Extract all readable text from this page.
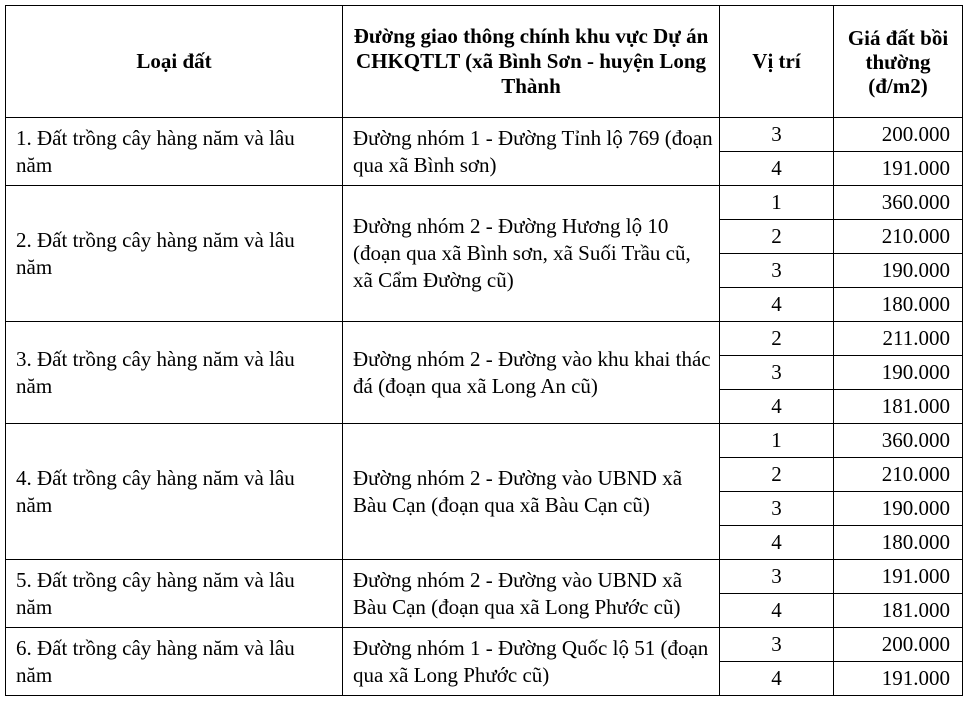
Loại đất	Đường giao thông chính khu vực Dự án CHKQTLT (xã Bình Sơn - huyện Long Thành	Vị trí	Giá đất bồi thường (đ/m2)
1. Đất trồng cây hàng năm và lâu năm	Đường nhóm 1 - Đường Tỉnh lộ 769 (đoạn qua xã Bình sơn)	3	200.000
		4	191.000
2. Đất trồng cây hàng năm và lâu năm	Đường nhóm 2 - Đường Hương lộ 10 (đoạn qua xã Bình sơn, xã Suối Trầu cũ, xã Cẩm Đường cũ)	1	360.000
		2	210.000
		3	190.000
		4	180.000
3. Đất trồng cây hàng năm và lâu năm	Đường nhóm 2 - Đường vào khu khai thác đá (đoạn qua xã Long An cũ)	2	211.000
		3	190.000
		4	181.000
4. Đất trồng cây hàng năm và lâu năm	Đường nhóm 2 - Đường vào UBND xã Bàu Cạn (đoạn qua xã Bàu Cạn cũ)	1	360.000
		2	210.000
		3	190.000
		4	180.000
5. Đất trồng cây hàng năm và lâu năm	Đường nhóm 2 - Đường vào UBND xã Bàu Cạn (đoạn qua xã Long Phước cũ)	3	191.000
		4	181.000
6. Đất trồng cây hàng năm và lâu năm	Đường nhóm 1 - Đường Quốc lộ 51 (đoạn qua xã Long Phước cũ)	3	200.000
		4	191.000
